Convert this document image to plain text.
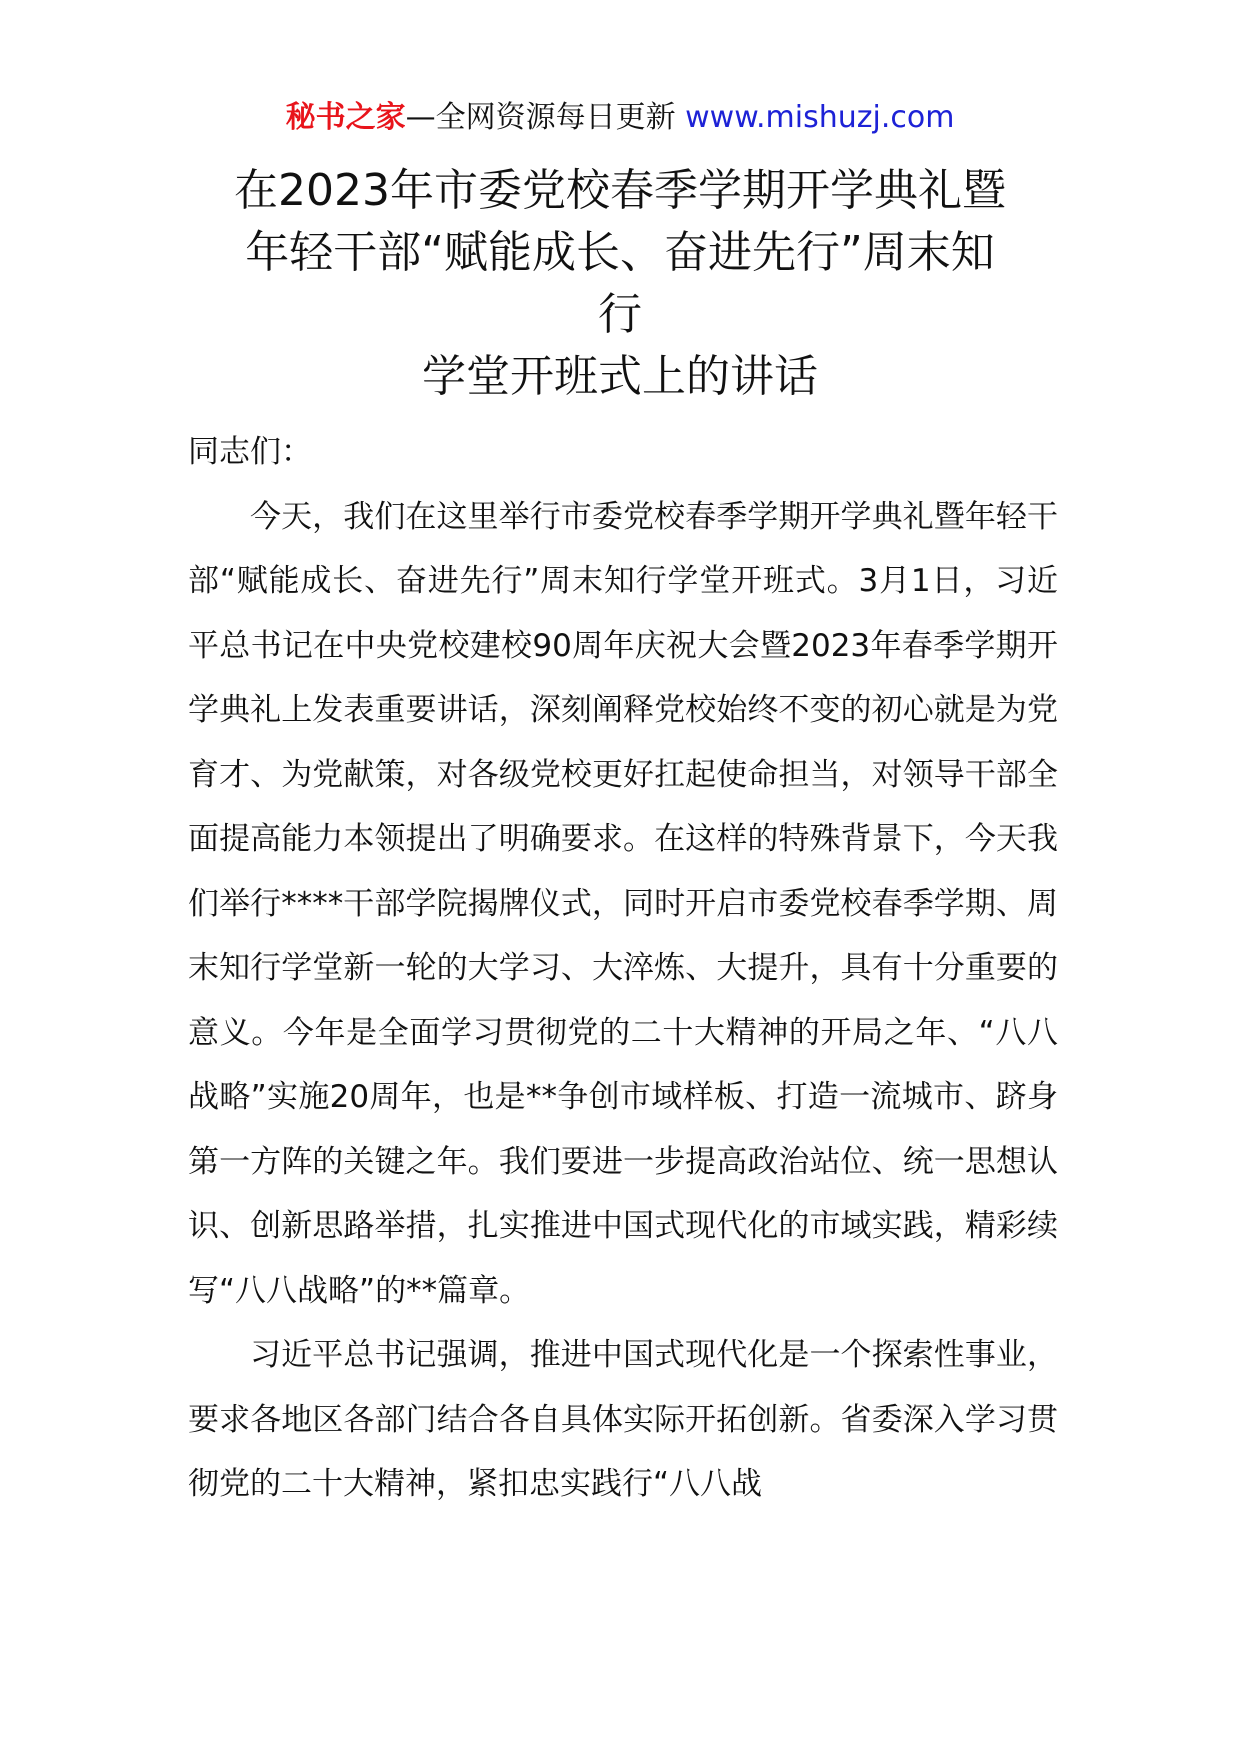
秘书之家—全网资源每日更新 www.mishuzj.com
在2023年市委党校春季学期开学典礼暨
年轻干部“赋能成长、奋进先行”周末知
行
学堂开班式上的讲话

同志们：

今天，我们在这里举行市委党校春季学期开学典礼暨年轻干部“赋能成长、奋进先行”周末知行学堂开班式。3月1日，习近平总书记在中央党校建校90周年庆祝大会暨2023年春季学期开学典礼上发表重要讲话，深刻阐释党校始终不变的初心就是为党育才、为党献策，对各级党校更好扛起使命担当，对领导干部全面提高能力本领提出了明确要求。在这样的特殊背景下，今天我们举行****干部学院揭牌仪式，同时开启市委党校春季学期、周末知行学堂新一轮的大学习、大淬炼、大提升，具有十分重要的意义。今年是全面学习贯彻党的二十大精神的开局之年、“八八战略”实施20周年，也是**争创市域样板、打造一流城市、跻身第一方阵的关键之年。我们要进一步提高政治站位、统一思想认识、创新思路举措，扎实推进中国式现代化的市域实践，精彩续写“八八战略”的**篇章。

习近平总书记强调，推进中国式现代化是一个探索性事业，要求各地区各部门结合各自具体实际开拓创新。省委深入学习贯彻党的二十大精神，紧扣忠实践行“八八战
